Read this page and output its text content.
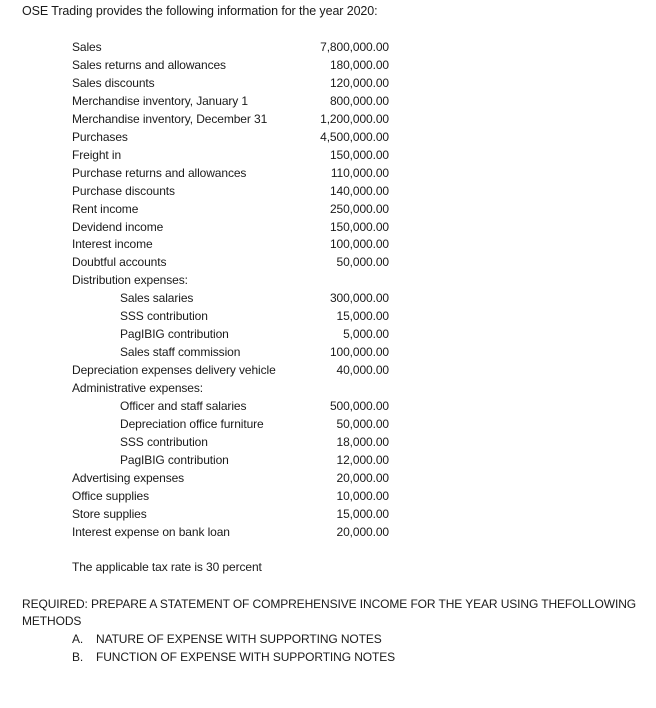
OSE Trading provides the following information for the year 2020:
Sales	7,800,000.00
Sales returns and allowances	180,000.00
Sales discounts	120,000.00
Merchandise inventory, January 1	800,000.00
Merchandise inventory, December 31	1,200,000.00
Purchases	4,500,000.00
Freight in	150,000.00
Purchase returns and allowances	110,000.00
Purchase discounts	140,000.00
Rent income	250,000.00
Devidend income	150,000.00
Interest income	100,000.00
Doubtful accounts	50,000.00
Distribution expenses:
Sales salaries	300,000.00
SSS contribution	15,000.00
PagIBIG contribution	5,000.00
Sales staff commission	100,000.00
Depreciation expenses delivery vehicle	40,000.00
Administrative expenses:
Officer and staff salaries	500,000.00
Depreciation office furniture	50,000.00
SSS contribution	18,000.00
PagIBIG contribution	12,000.00
Advertising expenses	20,000.00
Office supplies	10,000.00
Store supplies	15,000.00
Interest expense on bank loan	20,000.00
The applicable tax rate is 30 percent
REQUIRED: PREPARE A STATEMENT OF COMPREHENSIVE INCOME FOR THE YEAR USING THEFOLLOWING
METHODS
A. NATURE OF EXPENSE WITH SUPPORTING NOTES
B. FUNCTION OF EXPENSE WITH SUPPORTING NOTES
